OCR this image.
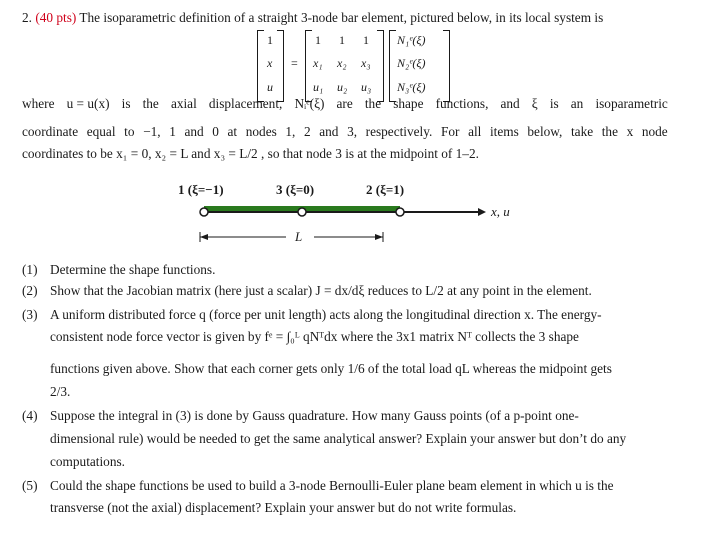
2. (40 pts) The isoparametric definition of a straight 3-node bar element, pictured below, in its local system is
1
x
u
=
1 1 1
x₁ x₂ x₃
u₁ u₂ u₃
N₁ᵉ(ξ)
N₂ᵉ(ξ)
N₃ᵉ(ξ)
where u = u(x) is the axial displacement, Nᵢᵉ(ξ) are the shape functions, and ξ is an isoparametric
coordinate equal to −1, 1 and 0 at nodes 1, 2 and 3, respectively. For all items below, take the x node
coordinates to be x₁ = 0, x₂ = L and x₃ = L/2 , so that node 3 is at the midpoint of 1–2.
1 (ξ=−1)	3 (ξ=0)	2 (ξ=1)
x, u
L
(1) Determine the shape functions.
(2) Show that the Jacobian matrix (here just a scalar) J = dx/dξ reduces to L/2 at any point in the element.
(3) A uniform distributed force q (force per unit length) acts along the longitudinal direction x. The energy-
consistent node force vector is given by fᵉ = ∫₀ᴸ qNᵀdx where the 3x1 matrix Nᵀ collects the 3 shape
functions given above. Show that each corner gets only 1/6 of the total load qL whereas the midpoint gets
2/3.
(4) Suppose the integral in (3) is done by Gauss quadrature. How many Gauss points (of a p-point one-
dimensional rule) would be needed to get the same analytical answer? Explain your answer but don’t do any
computations.
(5) Could the shape functions be used to build a 3-node Bernoulli-Euler plane beam element in which u is the
transverse (not the axial) displacement? Explain your answer but do not write formulas.
